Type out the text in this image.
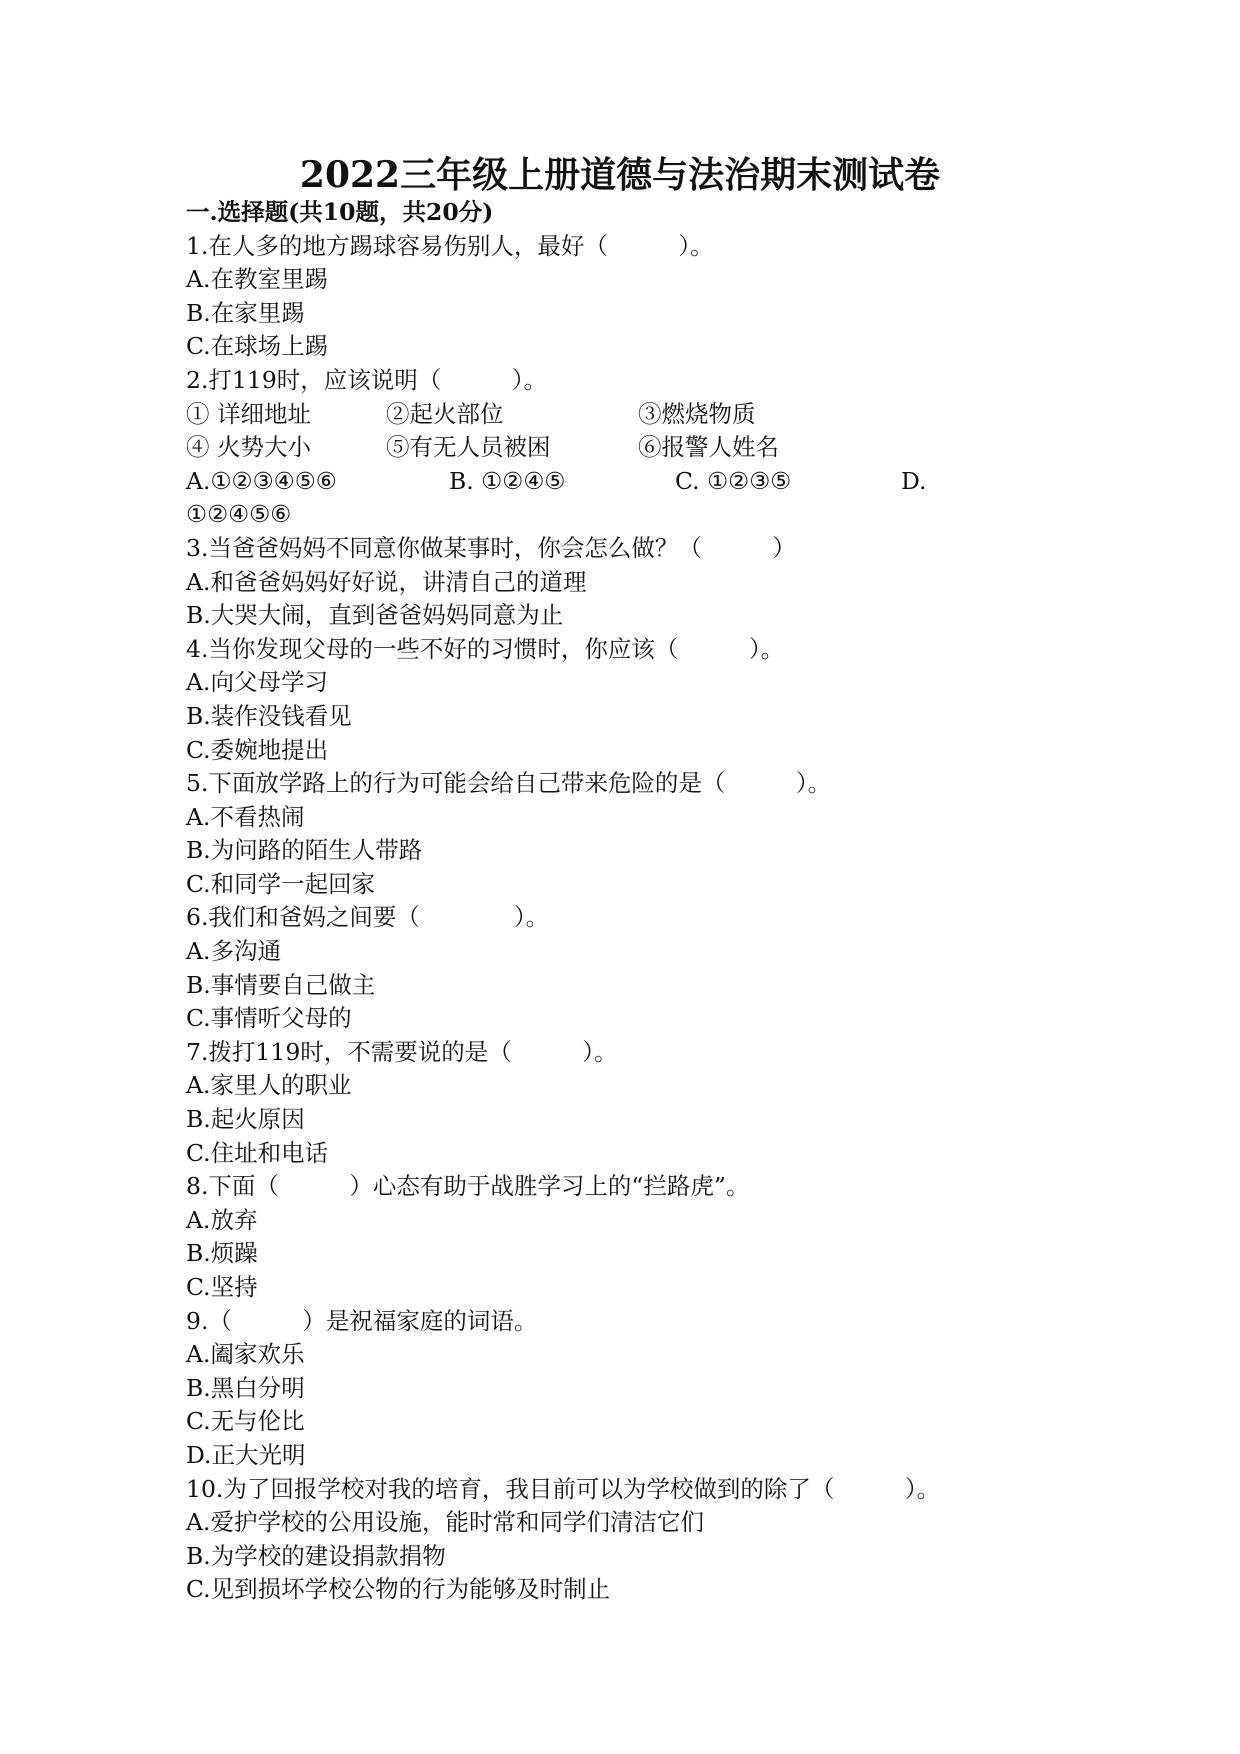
2022三年级上册道德与法治期末测试卷
一.选择题(共10题，共20分)
1.在人多的地方踢球容易伤别人，最好（　　　）。
A.在教室里踢
B.在家里踢
C.在球场上踢
2.打119时，应该说明（　　　）。
① 详细地址	②起火部位	③燃烧物质
④ 火势大小	⑤有无人员被困	⑥报警人姓名
A.①②③④⑤⑥	B. ①②④⑤	C. ①②③⑤	D.
①②④⑤⑥
3.当爸爸妈妈不同意你做某事时，你会怎么做？（　　　）
A.和爸爸妈妈好好说，讲清自己的道理
B.大哭大闹，直到爸爸妈妈同意为止
4.当你发现父母的一些不好的习惯时，你应该（　　　）。
A.向父母学习
B.装作没钱看见
C.委婉地提出
5.下面放学路上的行为可能会给自己带来危险的是（　　　）。
A.不看热闹
B.为问路的陌生人带路
C.和同学一起回家
6.我们和爸妈之间要（　　　　）。
A.多沟通
B.事情要自己做主
C.事情听父母的
7.拨打119时，不需要说的是（　　　）。
A.家里人的职业
B.起火原因
C.住址和电话
8.下面（　　　）心态有助于战胜学习上的“拦路虎”。
A.放弃
B.烦躁
C.坚持
9.（　　　）是祝福家庭的词语。
A.阖家欢乐
B.黑白分明
C.无与伦比
D.正大光明
10.为了回报学校对我的培育，我目前可以为学校做到的除了（　　　）。
A.爱护学校的公用设施，能时常和同学们清洁它们
B.为学校的建设捐款捐物
C.见到损坏学校公物的行为能够及时制止
